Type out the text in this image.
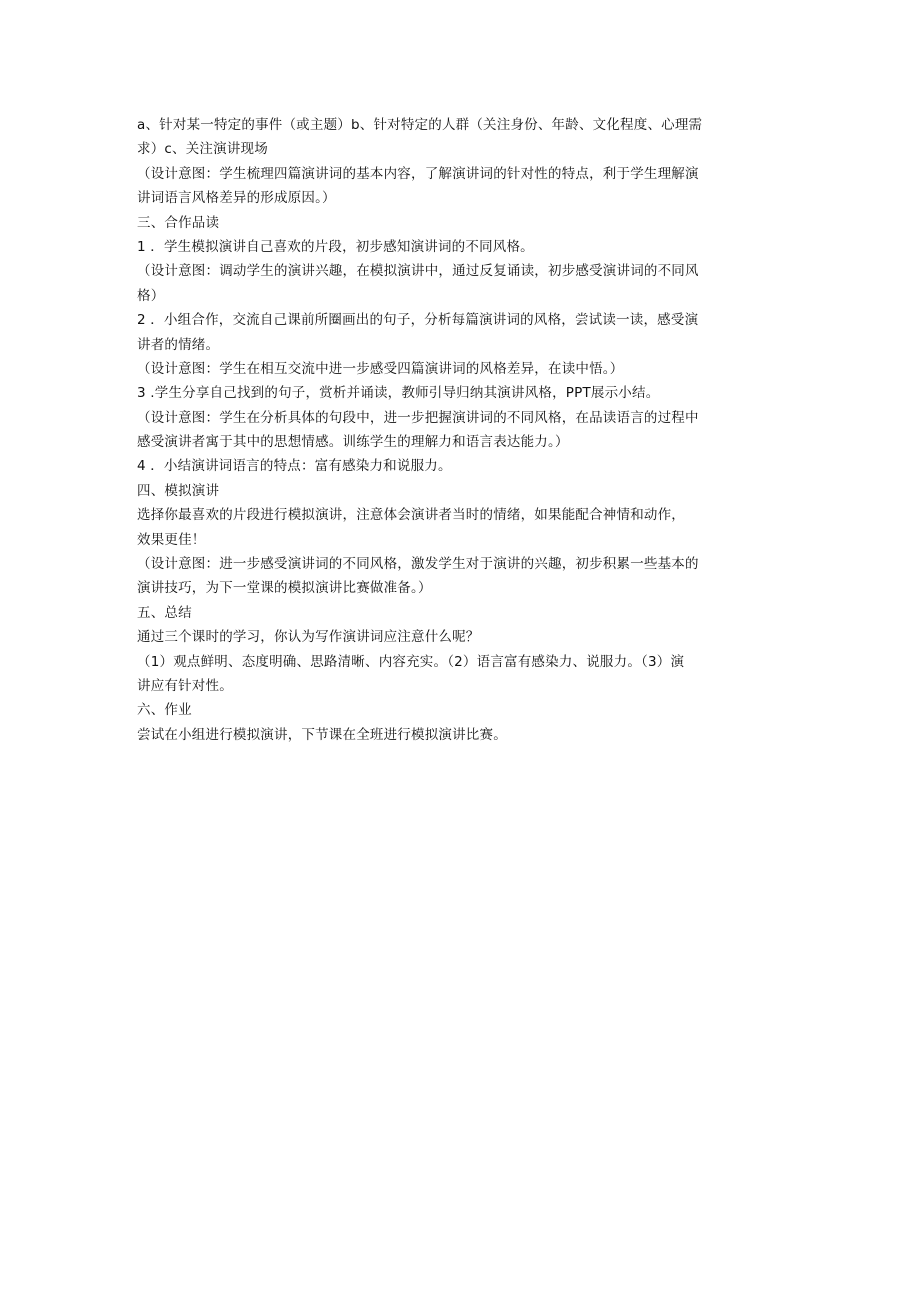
a、针对某一特定的事件（或主题）b、针对特定的人群（关注身份、年龄、文化程度、心理需
求）c、关注演讲现场
（设计意图：学生梳理四篇演讲词的基本内容，了解演讲词的针对性的特点，利于学生理解演
讲词语言风格差异的形成原因。）
三、合作品读
1 ．学生模拟演讲自己喜欢的片段，初步感知演讲词的不同风格。
（设计意图：调动学生的演讲兴趣，在模拟演讲中，通过反复诵读，初步感受演讲词的不同风
格）
2 ．小组合作，交流自己课前所圈画出的句子，分析每篇演讲词的风格，尝试读一读，感受演
讲者的情绪。
（设计意图：学生在相互交流中进一步感受四篇演讲词的风格差异，在读中悟。）
3 .学生分享自己找到的句子，赏析并诵读，教师引导归纳其演讲风格，PPT展示小结。
（设计意图：学生在分析具体的句段中，进一步把握演讲词的不同风格，在品读语言的过程中
感受演讲者寓于其中的思想情感。训练学生的理解力和语言表达能力。）
4 ．小结演讲词语言的特点：富有感染力和说服力。
四、模拟演讲
选择你最喜欢的片段进行模拟演讲，注意体会演讲者当时的情绪，如果能配合神情和动作，
效果更佳！
（设计意图：进一步感受演讲词的不同风格，激发学生对于演讲的兴趣，初步积累一些基本的
演讲技巧，为下一堂课的模拟演讲比赛做准备。）
五、总结
通过三个课时的学习，你认为写作演讲词应注意什么呢？
（1）观点鲜明、态度明确、思路清晰、内容充实。（2）语言富有感染力、说服力。（3）演
讲应有针对性。
六、作业
尝试在小组进行模拟演讲，下节课在全班进行模拟演讲比赛。
